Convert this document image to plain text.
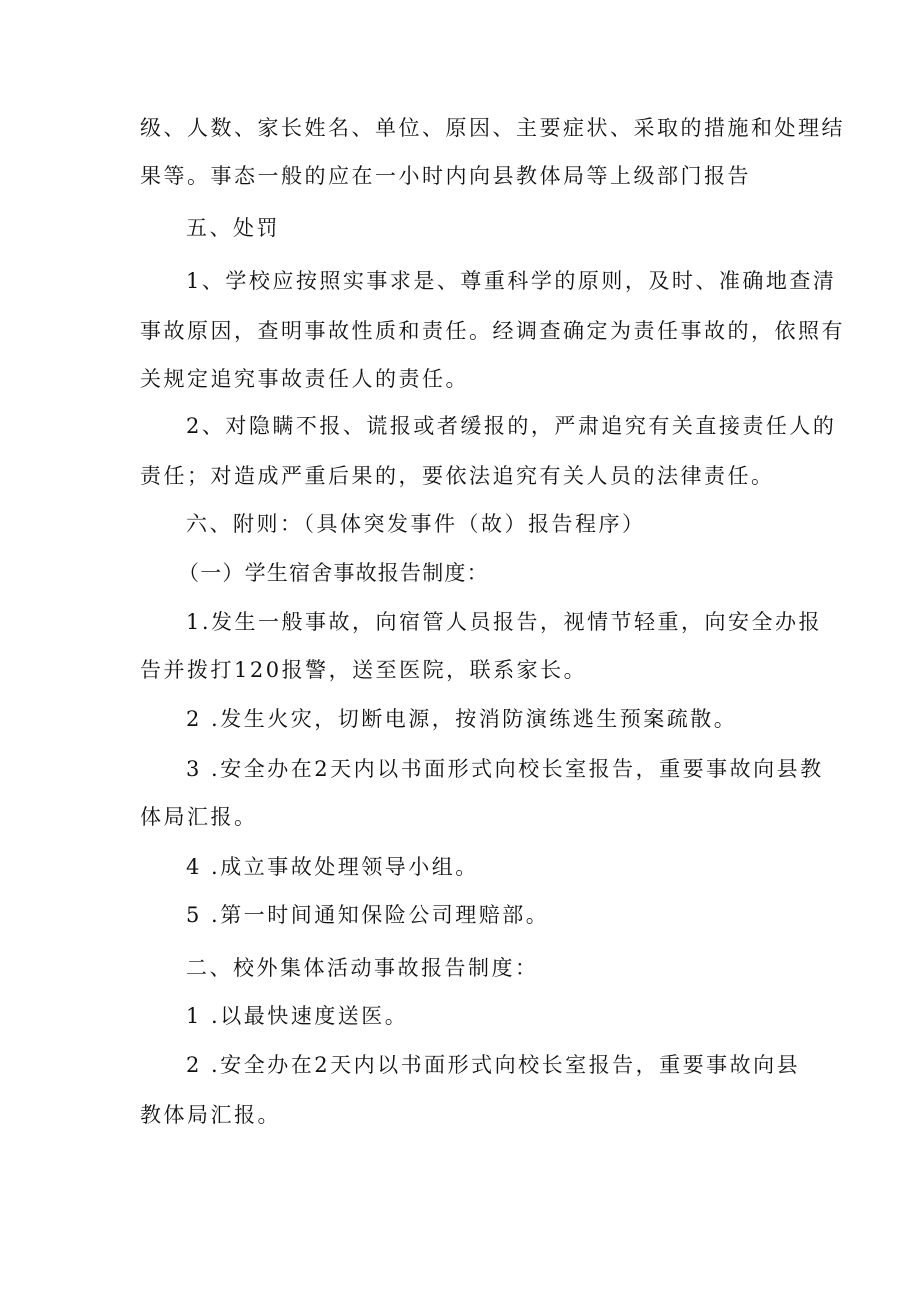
级、人数、家长姓名、单位、原因、主要症状、采取的措施和处理结
果等。事态一般的应在一小时内向县教体局等上级部门报告
五、处罚
1、学校应按照实事求是、尊重科学的原则，及时、准确地查清
事故原因，查明事故性质和责任。经调查确定为责任事故的，依照有
关规定追究事故责任人的责任。
2、对隐瞒不报、谎报或者缓报的，严肃追究有关直接责任人的
责任；对造成严重后果的，要依法追究有关人员的法律责任。
六、附则：（具体突发事件（故）报告程序）
（一）学生宿舍事故报告制度：
1.发生一般事故，向宿管人员报告，视情节轻重，向安全办报
告并拨打120报警，送至医院，联系家长。
2 .发生火灾，切断电源，按消防演练逃生预案疏散。
3 .安全办在2天内以书面形式向校长室报告，重要事故向县教
体局汇报。
4 .成立事故处理领导小组。
5 .第一时间通知保险公司理赔部。
二、校外集体活动事故报告制度：
1 .以最快速度送医。
2 .安全办在2天内以书面形式向校长室报告，重要事故向县
教体局汇报。
